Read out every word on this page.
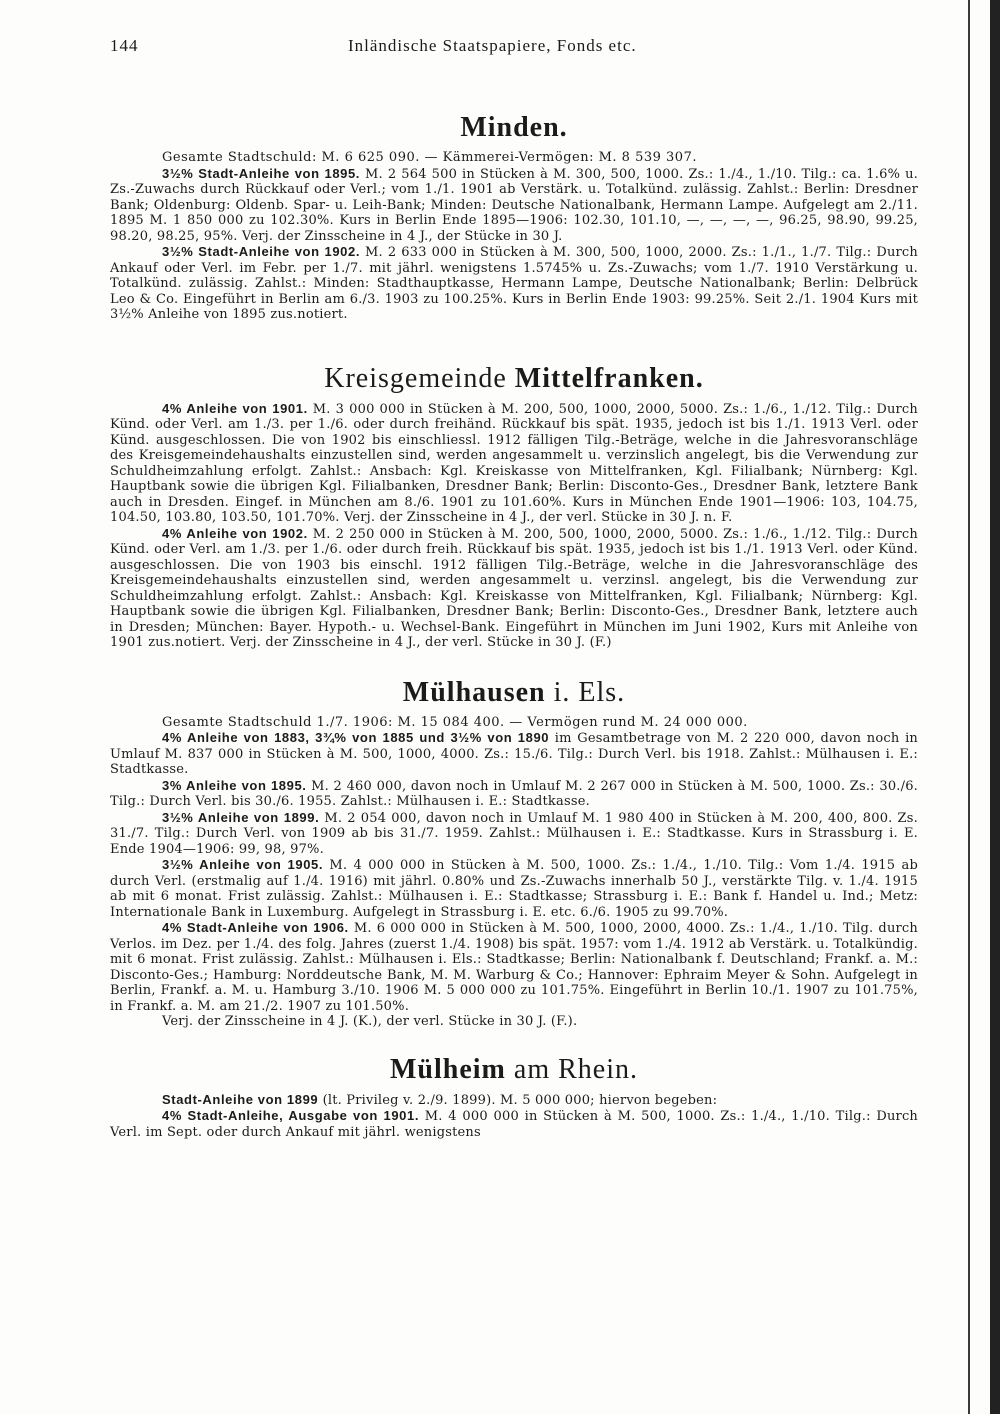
144	Inländische Staatspapiere, Fonds etc.
Minden.

Gesamte Stadtschuld: M. 6 625 090. — Kämmerei-Vermögen: M. 8 539 307.

3½% Stadt-Anleihe von 1895. M. 2 564 500 in Stücken à M. 300, 500, 1000. Zs.: 1./4., 1./10. Tilg.: ca. 1.6% u. Zs.-Zuwachs durch Rückkauf oder Verl.; vom 1./1. 1901 ab Verstärk. u. Totalkünd. zulässig. Zahlst.: Berlin: Dresdner Bank; Oldenburg: Oldenb. Spar- u. Leih-Bank; Minden: Deutsche Nationalbank, Hermann Lampe. Aufgelegt am 2./11. 1895 M. 1 850 000 zu 102.30%. Kurs in Berlin Ende 1895—1906: 102.30, 101.10, —, —, —, —, 96.25, 98.90, 99.25, 98.20, 98.25, 95%. Verj. der Zinsscheine in 4 J., der Stücke in 30 J.

3½% Stadt-Anleihe von 1902. M. 2 633 000 in Stücken à M. 300, 500, 1000, 2000. Zs.: 1./1., 1./7. Tilg.: Durch Ankauf oder Verl. im Febr. per 1./7. mit jährl. wenigstens 1.5745% u. Zs.-Zuwachs; vom 1./7. 1910 Verstärkung u. Totalkünd. zulässig. Zahlst.: Minden: Stadthauptkasse, Hermann Lampe, Deutsche Nationalbank; Berlin: Delbrück Leo & Co. Eingeführt in Berlin am 6./3. 1903 zu 100.25%. Kurs in Berlin Ende 1903: 99.25%. Seit 2./1. 1904 Kurs mit 3½% Anleihe von 1895 zus.notiert.

Kreisgemeinde Mittelfranken.

4% Anleihe von 1901. M. 3 000 000 in Stücken à M. 200, 500, 1000, 2000, 5000. Zs.: 1./6., 1./12. Tilg.: Durch Künd. oder Verl. am 1./3. per 1./6. oder durch freihänd. Rückkauf bis spät. 1935, jedoch ist bis 1./1. 1913 Verl. oder Künd. ausgeschlossen. Die von 1902 bis einschliessl. 1912 fälligen Tilg.-Beträge, welche in die Jahresvoranschläge des Kreisgemeindehaushalts einzustellen sind, werden angesammelt u. verzinslich angelegt, bis die Verwendung zur Schuldheimzahlung erfolgt. Zahlst.: Ansbach: Kgl. Kreiskasse von Mittelfranken, Kgl. Filialbank; Nürnberg: Kgl. Hauptbank sowie die übrigen Kgl. Filialbanken, Dresdner Bank; Berlin: Disconto-Ges., Dresdner Bank, letztere Bank auch in Dresden. Eingef. in München am 8./6. 1901 zu 101.60%. Kurs in München Ende 1901—1906: 103, 104.75, 104.50, 103.80, 103.50, 101.70%. Verj. der Zinsscheine in 4 J., der verl. Stücke in 30 J. n. F.

4% Anleihe von 1902. M. 2 250 000 in Stücken à M. 200, 500, 1000, 2000, 5000. Zs.: 1./6., 1./12. Tilg.: Durch Künd. oder Verl. am 1./3. per 1./6. oder durch freih. Rückkauf bis spät. 1935, jedoch ist bis 1./1. 1913 Verl. oder Künd. ausgeschlossen. Die von 1903 bis einschl. 1912 fälligen Tilg.-Beträge, welche in die Jahresvoranschläge des Kreisgemeindehaushalts einzustellen sind, werden angesammelt u. verzinsl. angelegt, bis die Verwendung zur Schuldheimzahlung erfolgt. Zahlst.: Ansbach: Kgl. Kreiskasse von Mittelfranken, Kgl. Filialbank; Nürnberg: Kgl. Hauptbank sowie die übrigen Kgl. Filialbanken, Dresdner Bank; Berlin: Disconto-Ges., Dresdner Bank, letztere auch in Dresden; München: Bayer. Hypoth.- u. Wechsel-Bank. Eingeführt in München im Juni 1902, Kurs mit Anleihe von 1901 zus.notiert. Verj. der Zinsscheine in 4 J., der verl. Stücke in 30 J. (F.)

Mülhausen i. Els.

Gesamte Stadtschuld 1./7. 1906: M. 15 084 400. — Vermögen rund M. 24 000 000.

4% Anleihe von 1883, 3¾% von 1885 und 3½% von 1890 im Gesamtbetrage von M. 2 220 000, davon noch in Umlauf M. 837 000 in Stücken à M. 500, 1000, 4000. Zs.: 15./6. Tilg.: Durch Verl. bis 1918. Zahlst.: Mülhausen i. E.: Stadtkasse.

3% Anleihe von 1895. M. 2 460 000, davon noch in Umlauf M. 2 267 000 in Stücken à M. 500, 1000. Zs.: 30./6. Tilg.: Durch Verl. bis 30./6. 1955. Zahlst.: Mülhausen i. E.: Stadtkasse.

3½% Anleihe von 1899. M. 2 054 000, davon noch in Umlauf M. 1 980 400 in Stücken à M. 200, 400, 800. Zs. 31./7. Tilg.: Durch Verl. von 1909 ab bis 31./7. 1959. Zahlst.: Mülhausen i. E.: Stadtkasse. Kurs in Strassburg i. E. Ende 1904—1906: 99, 98, 97%.

3½% Anleihe von 1905. M. 4 000 000 in Stücken à M. 500, 1000. Zs.: 1./4., 1./10. Tilg.: Vom 1./4. 1915 ab durch Verl. (erstmalig auf 1./4. 1916) mit jährl. 0.80% und Zs.-Zuwachs innerhalb 50 J., verstärkte Tilg. v. 1./4. 1915 ab mit 6 monat. Frist zulässig. Zahlst.: Mülhausen i. E.: Stadtkasse; Strassburg i. E.: Bank f. Handel u. Ind.; Metz: Internationale Bank in Luxemburg. Aufgelegt in Strassburg i. E. etc. 6./6. 1905 zu 99.70%.

4% Stadt-Anleihe von 1906. M. 6 000 000 in Stücken à M. 500, 1000, 2000, 4000. Zs.: 1./4., 1./10. Tilg. durch Verlos. im Dez. per 1./4. des folg. Jahres (zuerst 1./4. 1908) bis spät. 1957: vom 1./4. 1912 ab Verstärk. u. Totalkündig. mit 6 monat. Frist zulässig. Zahlst.: Mülhausen i. Els.: Stadtkasse; Berlin: Nationalbank f. Deutschland; Frankf. a. M.: Disconto-Ges.; Hamburg: Norddeutsche Bank, M. M. Warburg & Co.; Hannover: Ephraim Meyer & Sohn. Aufgelegt in Berlin, Frankf. a. M. u. Hamburg 3./10. 1906 M. 5 000 000 zu 101.75%. Eingeführt in Berlin 10./1. 1907 zu 101.75%, in Frankf. a. M. am 21./2. 1907 zu 101.50%.

Verj. der Zinsscheine in 4 J. (K.), der verl. Stücke in 30 J. (F.).

Mülheim am Rhein.

Stadt-Anleihe von 1899 (lt. Privileg v. 2./9. 1899). M. 5 000 000; hiervon begeben:

4% Stadt-Anleihe, Ausgabe von 1901. M. 4 000 000 in Stücken à M. 500, 1000. Zs.: 1./4., 1./10. Tilg.: Durch Verl. im Sept. oder durch Ankauf mit jährl. wenigstens
